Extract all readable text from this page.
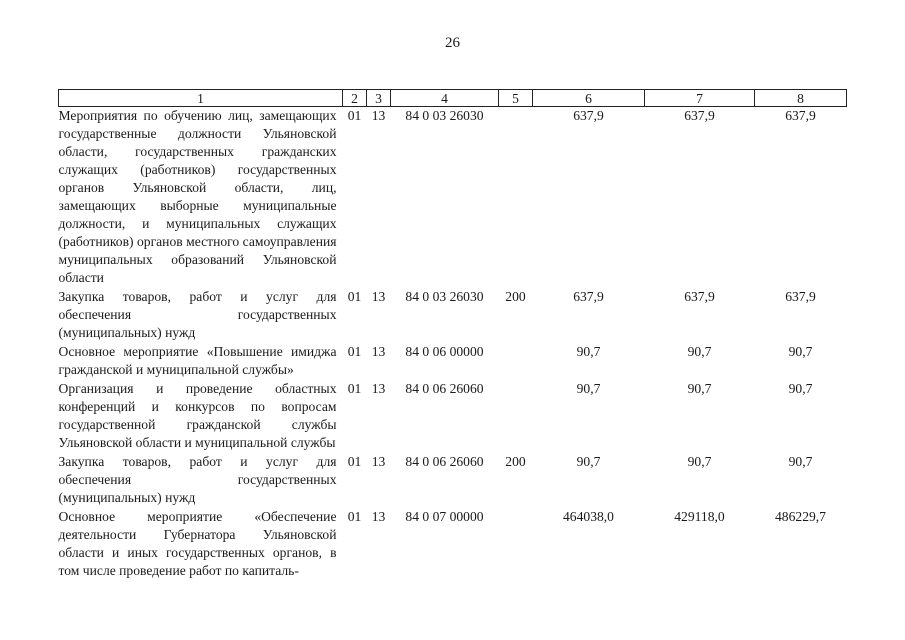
26
1	2	3	4	5	6	7	8
Мероприятия по обучению лиц, замещающих государственные должности Ульяновской области, государственных гражданских служащих (работников) государственных органов Ульяновской области, лиц, замещающих выборные муниципальные должности, и муниципальных служащих (работников) органов местного самоуправления муниципальных образований Ульяновской области	01	13	84 0 03 26030		637,9	637,9	637,9
Закупка товаров, работ и услуг для обеспечения государственных (муниципальных) нужд	01	13	84 0 03 26030	200	637,9	637,9	637,9
Основное мероприятие «Повышение имиджа гражданской и муниципальной службы»	01	13	84 0 06 00000		90,7	90,7	90,7
Организация и проведение областных конференций и конкурсов по вопросам государственной гражданской службы Ульяновской области и муниципальной службы	01	13	84 0 06 26060		90,7	90,7	90,7
Закупка товаров, работ и услуг для обеспечения государственных (муниципальных) нужд	01	13	84 0 06 26060	200	90,7	90,7	90,7
Основное мероприятие «Обеспечение деятельности Губернатора Ульяновской области и иных государственных органов, в том числе проведение работ по капиталь-	01	13	84 0 07 00000		464038,0	429118,0	486229,7
